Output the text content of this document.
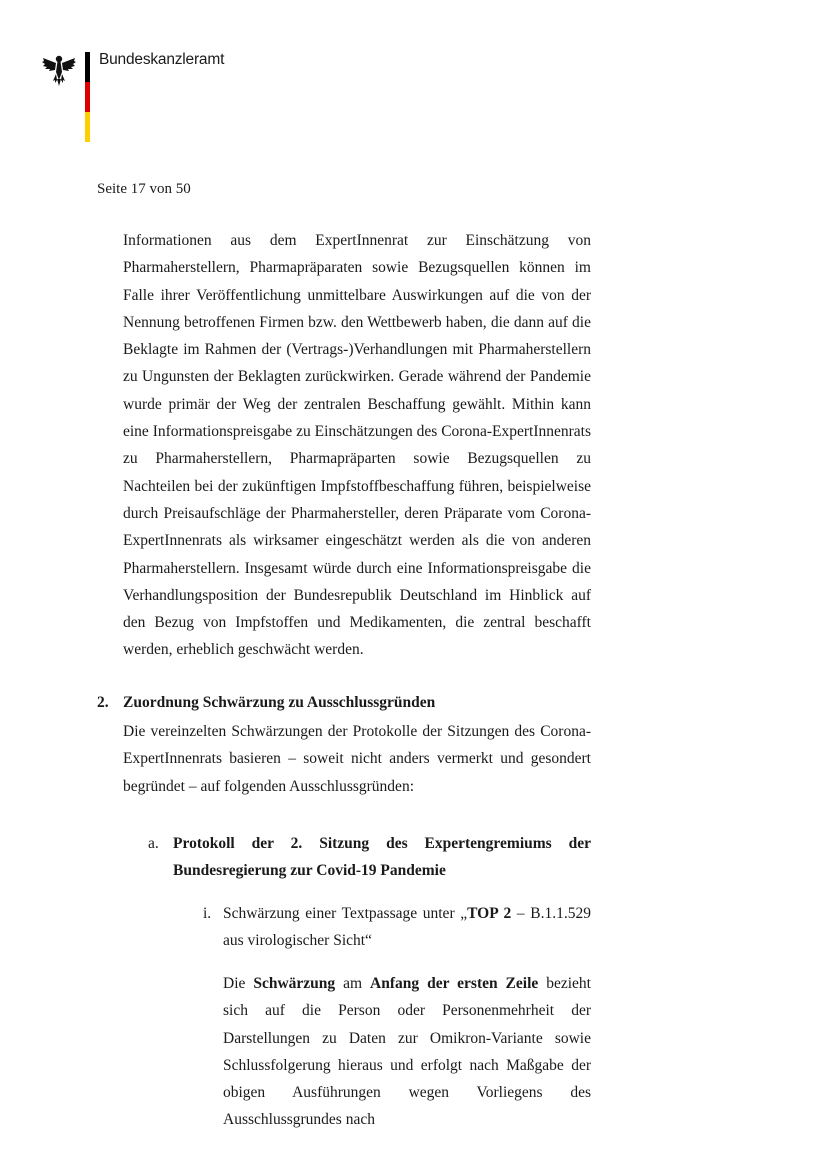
Bundeskanzleramt
Seite 17 von 50
Informationen aus dem ExpertInnenrat zur Einschätzung von Pharmaherstellern, Pharmapräparaten sowie Bezugsquellen können im Falle ihrer Veröffentlichung unmittelbare Auswirkungen auf die von der Nennung betroffenen Firmen bzw. den Wettbewerb haben, die dann auf die Beklagte im Rahmen der (Vertrags-)Verhandlungen mit Pharmaherstellern zu Ungunsten der Beklagten zurückwirken. Gerade während der Pandemie wurde primär der Weg der zentralen Beschaffung gewählt. Mithin kann eine Informationspreisgabe zu Einschätzungen des Corona-ExpertInnenrats zu Pharmaherstellern, Pharmapräparten sowie Bezugsquellen zu Nachteilen bei der zukünftigen Impfstoffbeschaffung führen, beispielweise durch Preisaufschläge der Pharmahersteller, deren Präparate vom Corona-ExpertInnenrats als wirksamer eingeschätzt werden als die von anderen Pharmaherstellern. Insgesamt würde durch eine Informationspreisgabe die Verhandlungsposition der Bundesrepublik Deutschland im Hinblick auf den Bezug von Impfstoffen und Medikamenten, die zentral beschafft werden, erheblich geschwächt werden.
2. Zuordnung Schwärzung zu Ausschlussgründen
Die vereinzelten Schwärzungen der Protokolle der Sitzungen des Corona-ExpertInnenrats basieren – soweit nicht anders vermerkt und gesondert begründet – auf folgenden Ausschlussgründen:
a. Protokoll der 2. Sitzung des Expertengremiums der Bundesregierung zur Covid-19 Pandemie
i. Schwärzung einer Textpassage unter „TOP 2 – B.1.1.529 aus virologischer Sicht“
Die Schwärzung am Anfang der ersten Zeile bezieht sich auf die Person oder Personenmehrheit der Darstellungen zu Daten zur Omikron-Variante sowie Schlussfolgerung hieraus und erfolgt nach Maßgabe der obigen Ausführungen wegen Vorliegens des Ausschlussgrundes nach
